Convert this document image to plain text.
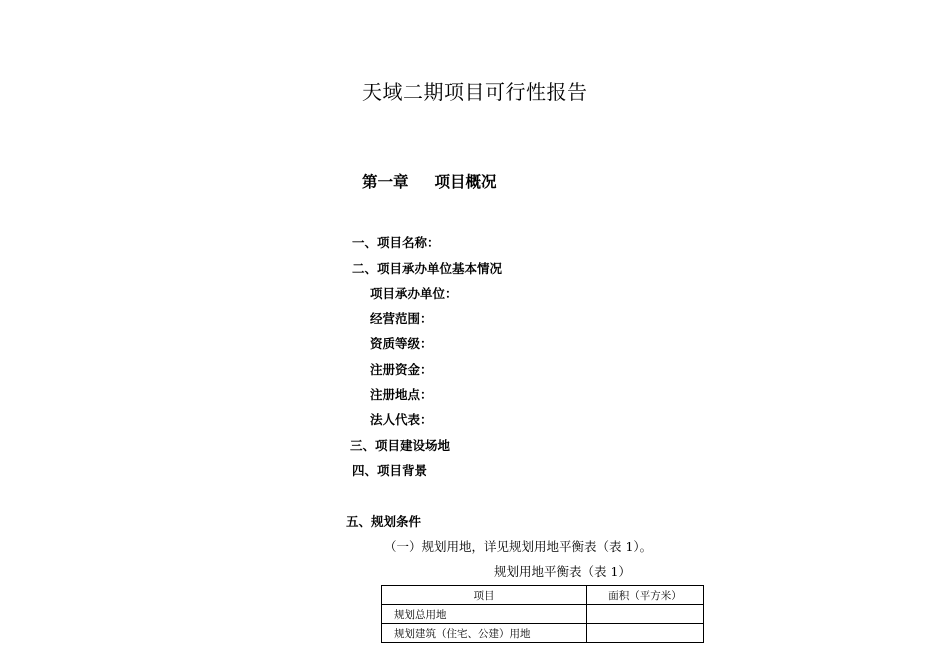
天域二期项目可行性报告
第一章 项目概况
一、项目名称：
二、项目承办单位基本情况
项目承办单位：
经营范围：
资质等级：
注册资金：
注册地点：
法人代表：
三、项目建设场地
四、项目背景
五、规划条件
（一）规划用地，详见规划用地平衡表（表 1）。
规划用地平衡表（表 1）
项目	面积（平方米）
规划总用地	
规划建筑（住宅、公建）用地	
